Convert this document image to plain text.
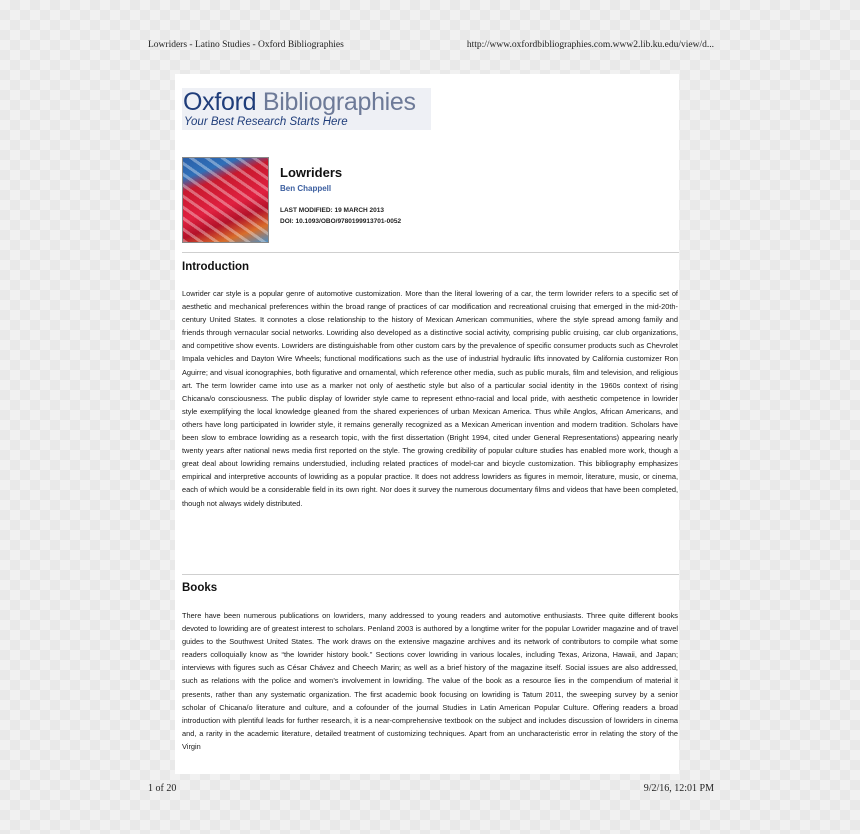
Lowriders - Latino Studies - Oxford Bibliographies	http://www.oxfordbibliographies.com.www2.lib.ku.edu/view/d...
Oxford Bibliographies
Your Best Research Starts Here
Lowriders
Ben Chappell
LAST MODIFIED: 19 MARCH 2013
DOI: 10.1093/OBO/9780199913701-0052
Introduction

Lowrider car style is a popular genre of automotive customization. More than the literal lowering of a car, the term lowrider refers to a specific set of aesthetic and mechanical preferences within the broad range of practices of car modification and recreational cruising that emerged in the mid-20th-century United States. It connotes a close relationship to the history of Mexican American communities, where the style spread among family and friends through vernacular social networks. Lowriding also developed as a distinctive social activity, comprising public cruising, car club organizations, and competitive show events. Lowriders are distinguishable from other custom cars by the prevalence of specific consumer products such as Chevrolet Impala vehicles and Dayton Wire Wheels; functional modifications such as the use of industrial hydraulic lifts innovated by California customizer Ron Aguirre; and visual iconographies, both figurative and ornamental, which reference other media, such as public murals, film and television, and religious art. The term lowrider came into use as a marker not only of aesthetic style but also of a particular social identity in the 1960s context of rising Chicana/o consciousness. The public display of lowrider style came to represent ethno-racial and local pride, with aesthetic competence in lowrider style exemplifying the local knowledge gleaned from the shared experiences of urban Mexican America. Thus while Anglos, African Americans, and others have long participated in lowrider style, it remains generally recognized as a Mexican American invention and modern tradition. Scholars have been slow to embrace lowriding as a research topic, with the first dissertation (Bright 1994, cited under General Representations) appearing nearly twenty years after national news media first reported on the style. The growing credibility of popular culture studies has enabled more work, though a great deal about lowriding remains understudied, including related practices of model-car and bicycle customization. This bibliography emphasizes empirical and interpretive accounts of lowriding as a popular practice. It does not address lowriders as figures in memoir, literature, music, or cinema, each of which would be a considerable field in its own right. Nor does it survey the numerous documentary films and videos that have been completed, though not always widely distributed.

Books

There have been numerous publications on lowriders, many addressed to young readers and automotive enthusiasts. Three quite different books devoted to lowriding are of greatest interest to scholars. Penland 2003 is authored by a longtime writer for the popular Lowrider magazine and of travel guides to the Southwest United States. The work draws on the extensive magazine archives and its network of contributors to compile what some readers colloquially know as “the lowrider history book.” Sections cover lowriding in various locales, including Texas, Arizona, Hawaii, and Japan; interviews with figures such as César Chávez and Cheech Marin; as well as a brief history of the magazine itself. Social issues are also addressed, such as relations with the police and women’s involvement in lowriding. The value of the book as a resource lies in the compendium of material it presents, rather than any systematic organization. The first academic book focusing on lowriding is Tatum 2011, the sweeping survey by a senior scholar of Chicana/o literature and culture, and a cofounder of the journal Studies in Latin American Popular Culture. Offering readers a broad introduction with plentiful leads for further research, it is a near-comprehensive textbook on the subject and includes discussion of lowriders in cinema and, a rarity in the academic literature, detailed treatment of customizing techniques. Apart from an uncharacteristic error in relating the story of the Virgin

1 of 20	9/2/16, 12:01 PM
